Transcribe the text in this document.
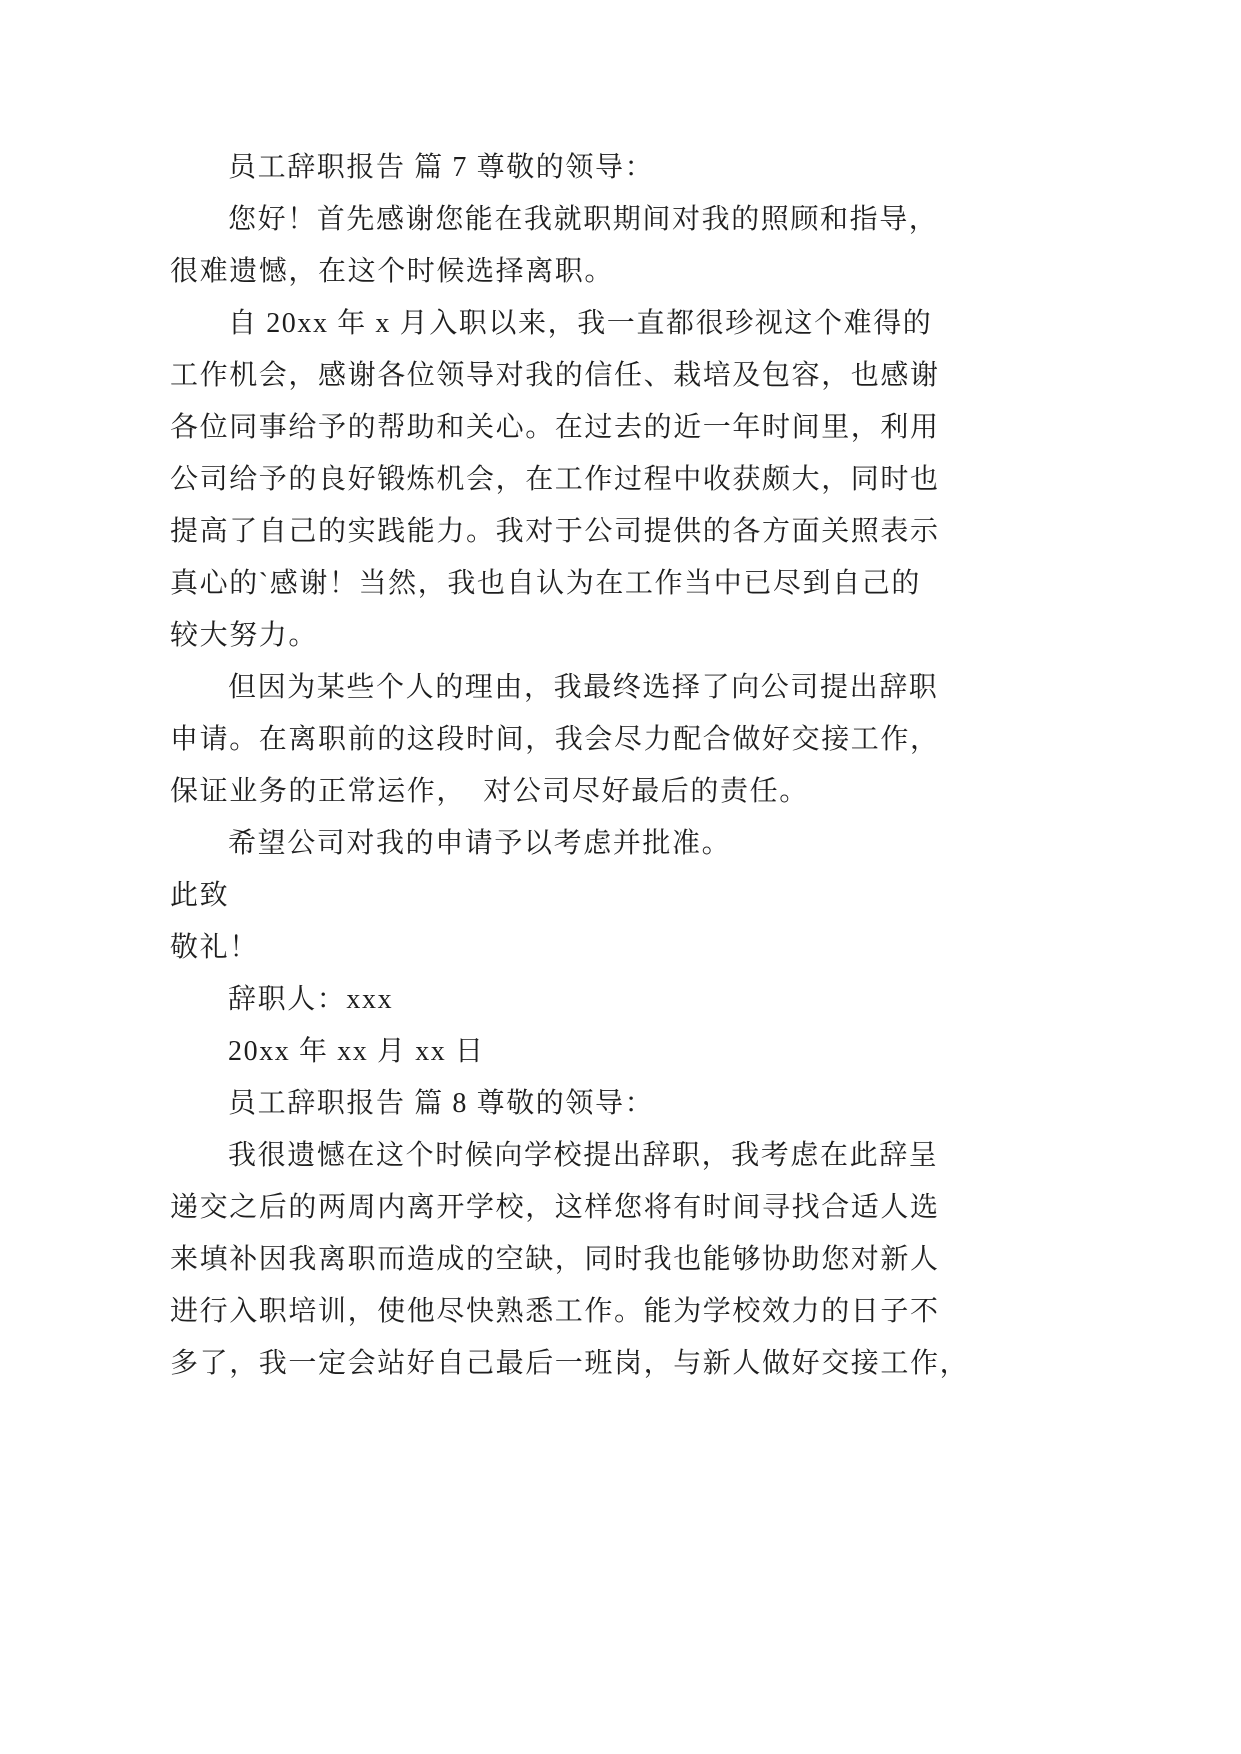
员工辞职报告 篇 7 尊敬的领导：
您好！首先感谢您能在我就职期间对我的照顾和指导，
很难遗憾，在这个时候选择离职。
自 20xx 年 x 月入职以来，我一直都很珍视这个难得的
工作机会，感谢各位领导对我的信任、栽培及包容，也感谢
各位同事给予的帮助和关心。在过去的近一年时间里，利用
公司给予的良好锻炼机会，在工作过程中收获颇大，同时也
提高了自己的实践能力。我对于公司提供的各方面关照表示
真心的`感谢！当然，我也自认为在工作当中已尽到自己的
较大努力。
但因为某些个人的理由，我最终选择了向公司提出辞职
申请。在离职前的这段时间，我会尽力配合做好交接工作，
保证业务的正常运作，  对公司尽好最后的责任。
希望公司对我的申请予以考虑并批准。
此致
敬礼！
辞职人：xxx
20xx 年 xx 月 xx 日
员工辞职报告 篇 8 尊敬的领导：
我很遗憾在这个时候向学校提出辞职，我考虑在此辞呈
递交之后的两周内离开学校，这样您将有时间寻找合适人选
来填补因我离职而造成的空缺，同时我也能够协助您对新人
进行入职培训，使他尽快熟悉工作。能为学校效力的日子不
多了，我一定会站好自己最后一班岗，与新人做好交接工作，
